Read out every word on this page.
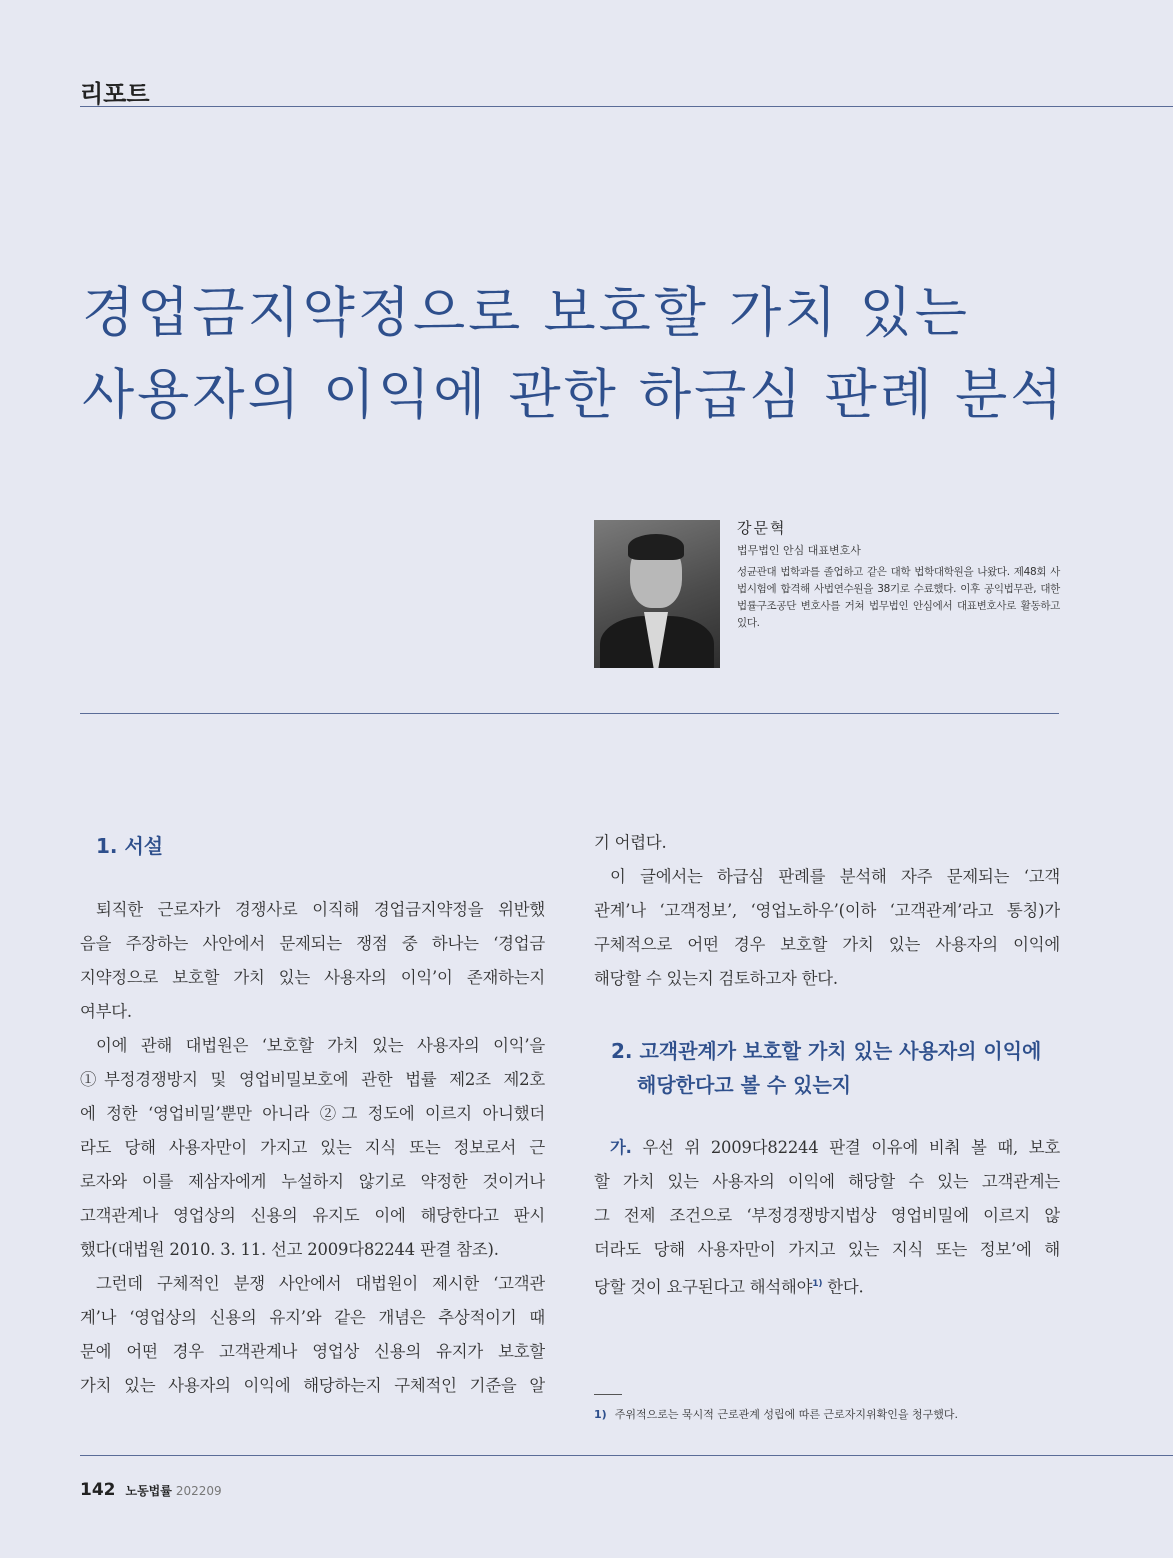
리포트
경업금지약정으로 보호할 가치 있는
사용자의 이익에 관한 하급심 판례 분석
강문혁
법무법인 안심 대표변호사
성균관대 법학과를 졸업하고 같은 대학 법학대학원을 나왔다. 제48회 사법시험에 합격해 사법연수원을 38기로 수료했다. 이후 공익법무관, 대한법률구조공단 변호사를 거쳐 법무법인 안심에서 대표변호사로 활동하고 있다.
1. 서설
퇴직한 근로자가 경쟁사로 이직해 경업금지약정을 위반했
음을 주장하는 사안에서 문제되는 쟁점 중 하나는 ‘경업금
지약정으로 보호할 가치 있는 사용자의 이익’이 존재하는지
여부다.
이에 관해 대법원은 ‘보호할 가치 있는 사용자의 이익’을
①부정경쟁방지 및 영업비밀보호에 관한 법률 제2조 제2호
에 정한 ‘영업비밀’뿐만 아니라 ②그 정도에 이르지 아니했더
라도 당해 사용자만이 가지고 있는 지식 또는 정보로서 근
로자와 이를 제삼자에게 누설하지 않기로 약정한 것이거나
고객관계나 영업상의 신용의 유지도 이에 해당한다고 판시
했다(대법원 2010. 3. 11. 선고 2009다82244 판결 참조).
그런데 구체적인 분쟁 사안에서 대법원이 제시한 ‘고객관
계’나 ‘영업상의 신용의 유지’와 같은 개념은 추상적이기 때
문에 어떤 경우 고객관계나 영업상 신용의 유지가 보호할
가치 있는 사용자의 이익에 해당하는지 구체적인 기준을 알
기 어렵다.
이 글에서는 하급심 판례를 분석해 자주 문제되는 ‘고객
관계’나 ‘고객정보’, ‘영업노하우’(이하 ‘고객관계’라고 통칭)가
구체적으로 어떤 경우 보호할 가치 있는 사용자의 이익에
해당할 수 있는지 검토하고자 한다.
2. 고객관계가 보호할 가치 있는 사용자의 이익에
해당한다고 볼 수 있는지
가. 우선 위 2009다82244 판결 이유에 비춰 볼 때, 보호
할 가치 있는 사용자의 이익에 해당할 수 있는 고객관계는
그 전제 조건으로 ‘부정경쟁방지법상 영업비밀에 이르지 않
더라도 당해 사용자만이 가지고 있는 지식 또는 정보’에 해
당할 것이 요구된다고 해석해야$^{1)}$ 한다.
1) 주위적으로는 묵시적 근로관계 성립에 따른 근로자지위확인을 청구했다.
142 노동법률 202209
